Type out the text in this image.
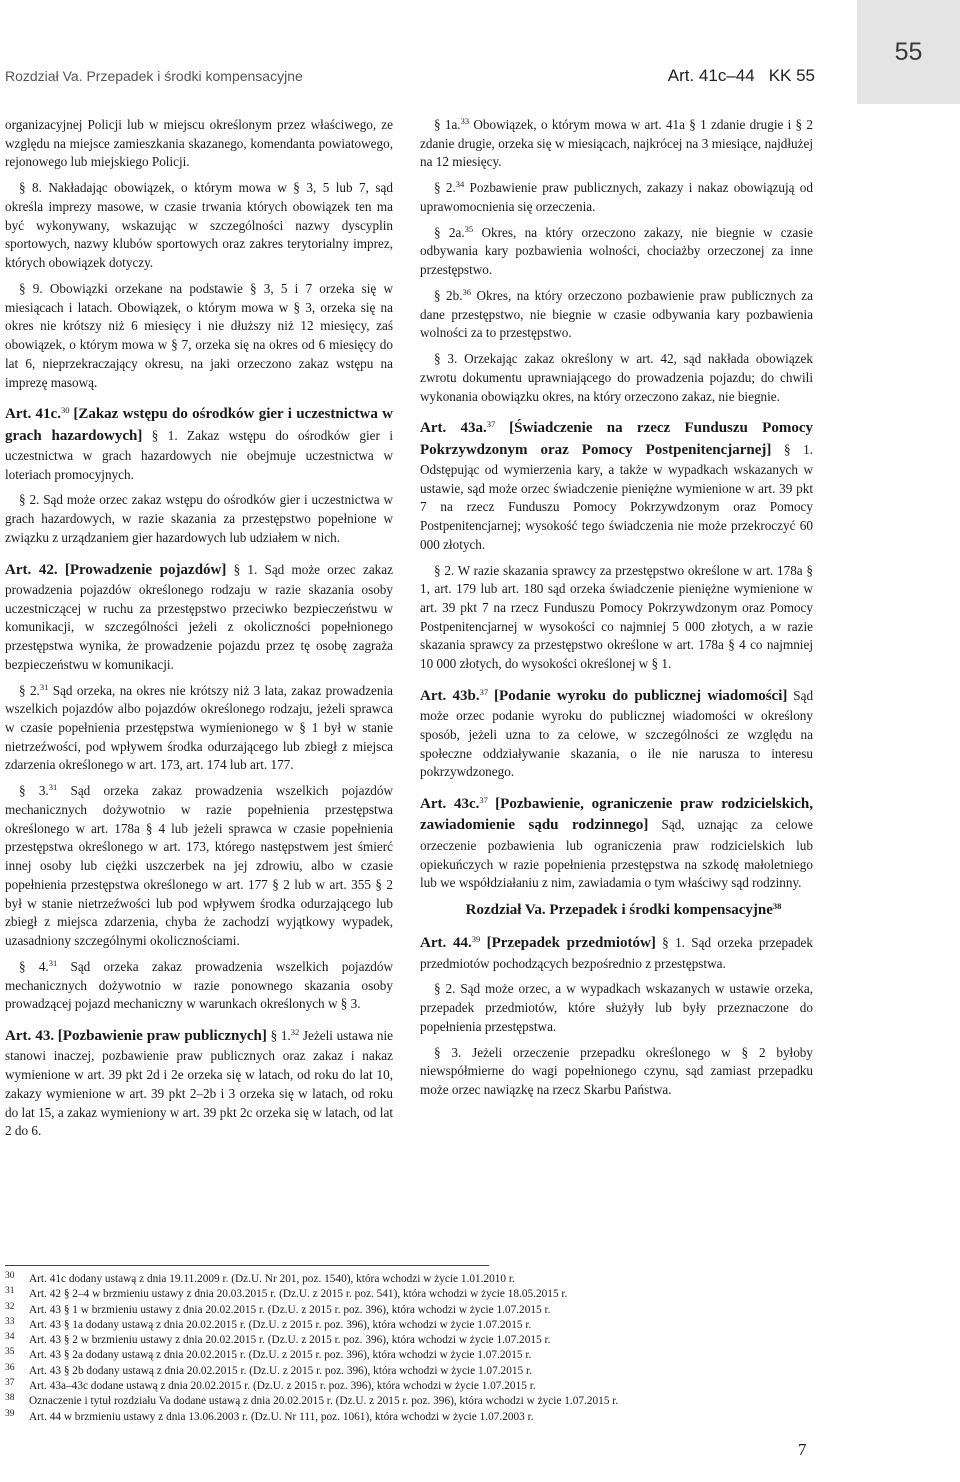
55
Rozdział Va. Przepadek i środki kompensacyjne	Art. 41c–44 KK 55

organizacyjnej Policji lub w miejscu określonym przez właściwego, ze względu na miejsce zamieszkania skazanego, komendanta powiatowego, rejonowego lub miejskiego Policji.

§ 8. Nakładając obowiązek, o którym mowa w § 3, 5 lub 7, sąd określa imprezy masowe, w czasie trwania których obowiązek ten ma być wykonywany, wskazując w szczególności nazwy dyscyplin sportowych, nazwy klubów sportowych oraz zakres terytorialny imprez, których obowiązek dotyczy.

§ 9. Obowiązki orzekane na podstawie § 3, 5 i 7 orzeka się w miesiącach i latach. Obowiązek, o którym mowa w § 3, orzeka się na okres nie krótszy niż 6 miesięcy i nie dłuższy niż 12 miesięcy, zaś obowiązek, o którym mowa w § 7, orzeka się na okres od 6 miesięcy do lat 6, nieprzekraczający okresu, na jaki orzeczono zakaz wstępu na imprezę masową.

Art. 41c.$^{30}$ [Zakaz wstępu do ośrodków gier i uczestnictwa w grach hazardowych] § 1. Zakaz wstępu do ośrodków gier i uczestnictwa w grach hazardowych nie obejmuje uczestnictwa w loteriach promocyjnych.

§ 2. Sąd może orzec zakaz wstępu do ośrodków gier i uczestnictwa w grach hazardowych, w razie skazania za przestępstwo popełnione w związku z urządzaniem gier hazardowych lub udziałem w nich.

Art. 42. [Prowadzenie pojazdów] § 1. Sąd może orzec zakaz prowadzenia pojazdów określonego rodzaju w razie skazania osoby uczestniczącej w ruchu za przestępstwo przeciwko bezpieczeństwu w komunikacji, w szczególności jeżeli z okoliczności popełnionego przestępstwa wynika, że prowadzenie pojazdu przez tę osobę zagraża bezpieczeństwu w komunikacji.

§ 2.31 Sąd orzeka, na okres nie krótszy niż 3 lata, zakaz prowadzenia wszelkich pojazdów albo pojazdów określonego rodzaju, jeżeli sprawca w czasie popełnienia przestępstwa wymienionego w § 1 był w stanie nietrzeźwości, pod wpływem środka odurzającego lub zbiegł z miejsca zdarzenia określonego w art. 173, art. 174 lub art. 177.

§ 3.31 Sąd orzeka zakaz prowadzenia wszelkich pojazdów mechanicznych dożywotnio w razie popełnienia przestępstwa określonego w art. 178a § 4 lub jeżeli sprawca w czasie popełnienia przestępstwa określonego w art. 173, którego następstwem jest śmierć innej osoby lub ciężki uszczerbek na jej zdrowiu, albo w czasie popełnienia przestępstwa określonego w art. 177 § 2 lub w art. 355 § 2 był w stanie nietrzeźwości lub pod wpływem środka odurzającego lub zbiegł z miejsca zdarzenia, chyba że zachodzi wyjątkowy wypadek, uzasadniony szczególnymi okolicznościami.

§ 4.31 Sąd orzeka zakaz prowadzenia wszelkich pojazdów mechanicznych dożywotnio w razie ponownego skazania osoby prowadzącej pojazd mechaniczny w warunkach określonych w § 3.

Art. 43. [Pozbawienie praw publicznych] § 1.32 Jeżeli ustawa nie stanowi inaczej, pozbawienie praw publicznych oraz zakaz i nakaz wymienione w art. 39 pkt 2d i 2e orzeka się w latach, od roku do lat 10, zakazy wymienione w art. 39 pkt 2–2b i 3 orzeka się w latach, od roku do lat 15, a zakaz wymieniony w art. 39 pkt 2c orzeka się w latach, od lat 2 do 6.

§ 1a.$^{33}$ Obowiązek, o którym mowa w art. 41a § 1 zdanie drugie i § 2 zdanie drugie, orzeka się w miesiącach, najkrócej na 3 miesiące, najdłużej na 12 miesięcy.

§ 2.34 Pozbawienie praw publicznych, zakazy i nakaz obowiązują od uprawomocnienia się orzeczenia.

§ 2a.$^{35}$ Okres, na który orzeczono zakazy, nie biegnie w czasie odbywania kary pozbawienia wolności, chociażby orzeczonej za inne przestępstwo.

§ 2b.$^{36}$ Okres, na który orzeczono pozbawienie praw publicznych za dane przestępstwo, nie biegnie w czasie odbywania kary pozbawienia wolności za to przestępstwo.

§ 3. Orzekając zakaz określony w art. 42, sąd nakłada obowiązek zwrotu dokumentu uprawniającego do prowadzenia pojazdu; do chwili wykonania obowiązku okres, na który orzeczono zakaz, nie biegnie.

Art. 43a.$^{37}$ [Świadczenie na rzecz Funduszu Pomocy Pokrzywdzonym oraz Pomocy Postpenitencjarnej] § 1. Odstępując od wymierzenia kary, a także w wypadkach wskazanych w ustawie, sąd może orzec świadczenie pieniężne wymienione w art. 39 pkt 7 na rzecz Funduszu Pomocy Pokrzywdzonym oraz Pomocy Postpenitencjarnej; wysokość tego świadczenia nie może przekroczyć 60 000 złotych.

§ 2. W razie skazania sprawcy za przestępstwo określone w art. 178a § 1, art. 179 lub art. 180 sąd orzeka świadczenie pieniężne wymienione w art. 39 pkt 7 na rzecz Funduszu Pomocy Pokrzywdzonym oraz Pomocy Postpenitencjarnej w wysokości co najmniej 5 000 złotych, a w razie skazania sprawcy za przestępstwo określone w art. 178a § 4 co najmniej 10 000 złotych, do wysokości określonej w § 1.

Art. 43b.$^{37}$ [Podanie wyroku do publicznej wiadomości] Sąd może orzec podanie wyroku do publicznej wiadomości w określony sposób, jeżeli uzna to za celowe, w szczególności ze względu na społeczne oddziaływanie skazania, o ile nie narusza to interesu pokrzywdzonego.

Art. 43c.$^{37}$ [Pozbawienie, ograniczenie praw rodzicielskich, zawiadomienie sądu rodzinnego] Sąd, uznając za celowe orzeczenie pozbawienia lub ograniczenia praw rodzicielskich lub opiekuńczych w razie popełnienia przestępstwa na szkodę małoletniego lub we współdziałaniu z nim, zawiadamia o tym właściwy sąd rodzinny.

Rozdział Va. Przepadek i środki kompensacyjne$^{38}$

Art. 44.39 [Przepadek przedmiotów] § 1. Sąd orzeka przepadek przedmiotów pochodzących bezpośrednio z przestępstwa.

§ 2. Sąd może orzec, a w wypadkach wskazanych w ustawie orzeka, przepadek przedmiotów, które służyły lub były przeznaczone do popełnienia przestępstwa.

§ 3. Jeżeli orzeczenie przepadku określonego w § 2 byłoby niewspółmierne do wagi popełnionego czynu, sąd zamiast przepadku może orzec nawiązkę na rzecz Skarbu Państwa.

30	Art. 41c dodany ustawą z dnia 19.11.2009 r. (Dz.U. Nr 201, poz. 1540), która wchodzi w życie 1.01.2010 r.
31	Art. 42 § 2–4 w brzmieniu ustawy z dnia 20.03.2015 r. (Dz.U. z 2015 r. poz. 541), która wchodzi w życie 18.05.2015 r.
32	Art. 43 § 1 w brzmieniu ustawy z dnia 20.02.2015 r. (Dz.U. z 2015 r. poz. 396), która wchodzi w życie 1.07.2015 r.
33	Art. 43 § 1a dodany ustawą z dnia 20.02.2015 r. (Dz.U. z 2015 r. poz. 396), która wchodzi w życie 1.07.2015 r.
34	Art. 43 § 2 w brzmieniu ustawy z dnia 20.02.2015 r. (Dz.U. z 2015 r. poz. 396), która wchodzi w życie 1.07.2015 r.
35	Art. 43 § 2a dodany ustawą z dnia 20.02.2015 r. (Dz.U. z 2015 r. poz. 396), która wchodzi w życie 1.07.2015 r.
36	Art. 43 § 2b dodany ustawą z dnia 20.02.2015 r. (Dz.U. z 2015 r. poz. 396), która wchodzi w życie 1.07.2015 r.
37	Art. 43a–43c dodane ustawą z dnia 20.02.2015 r. (Dz.U. z 2015 r. poz. 396), która wchodzi w życie 1.07.2015 r.
38	Oznaczenie i tytuł rozdziału Va dodane ustawą z dnia 20.02.2015 r. (Dz.U. z 2015 r. poz. 396), która wchodzi w życie 1.07.2015 r.
39	Art. 44 w brzmieniu ustawy z dnia 13.06.2003 r. (Dz.U. Nr 111, poz. 1061), która wchodzi w życie 1.07.2003 r.
7
